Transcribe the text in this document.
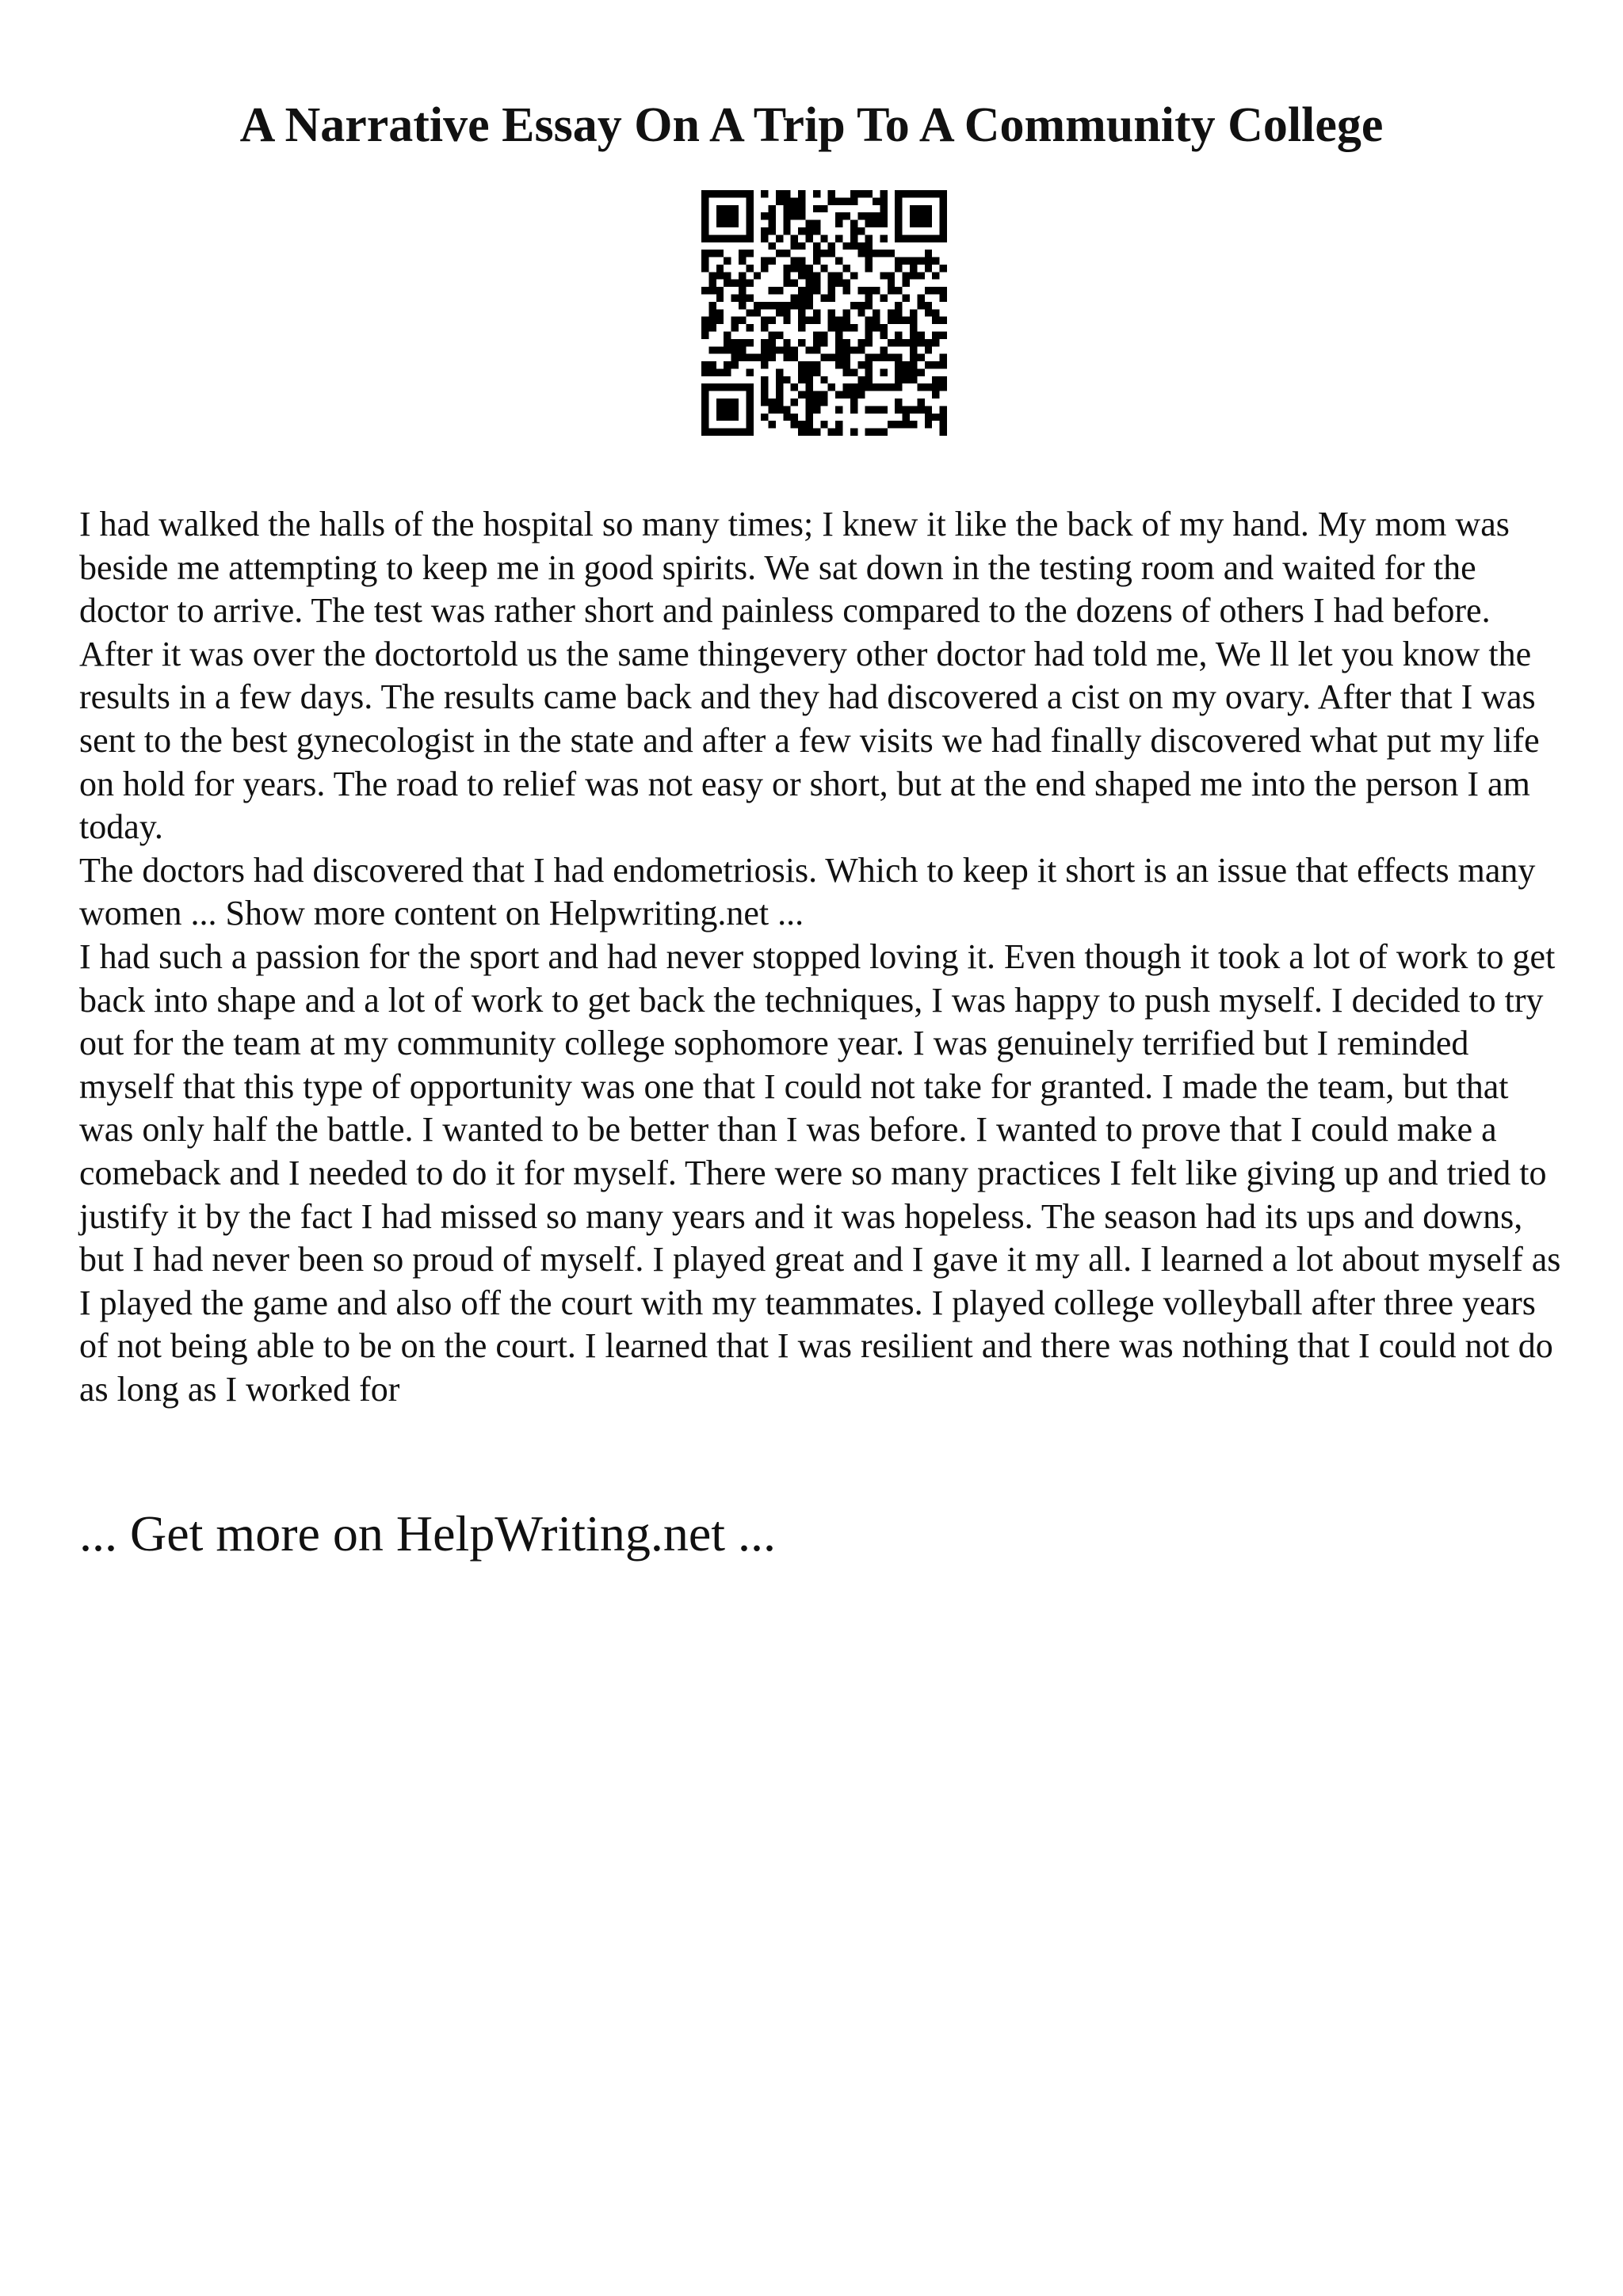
A Narrative Essay On A Trip To A Community College

I had walked the halls of the hospital so many times; I knew it like the back of my hand. My mom was beside me attempting to keep me in good spirits. We sat down in the testing room and waited for the doctor to arrive. The test was rather short and painless compared to the dozens of others I had before. After it was over the doctortold us the same thingevery other doctor had told me, We ll let you know the results in a few days. The results came back and they had discovered a cist on my ovary. After that I was sent to the best gynecologist in the state and after a few visits we had finally discovered what put my life on hold for years. The road to relief was not easy or short, but at the end shaped me into the person I am today.

The doctors had discovered that I had endometriosis. Which to keep it short is an issue that effects many women ... Show more content on Helpwriting.net ...

I had such a passion for the sport and had never stopped loving it. Even though it took a lot of work to get back into shape and a lot of work to get back the techniques, I was happy to push myself. I decided to try out for the team at my community college sophomore year. I was genuinely terrified but I reminded myself that this type of opportunity was one that I could not take for granted. I made the team, but that was only half the battle. I wanted to be better than I was before. I wanted to prove that I could make a comeback and I needed to do it for myself. There were so many practices I felt like giving up and tried to justify it by the fact I had missed so many years and it was hopeless. The season had its ups and downs, but I had never been so proud of myself. I played great and I gave it my all. I learned a lot about myself as I played the game and also off the court with my teammates. I played college volleyball after three years of not being able to be on the court. I learned that I was resilient and there was nothing that I could not do as long as I worked for

... Get more on HelpWriting.net ...
